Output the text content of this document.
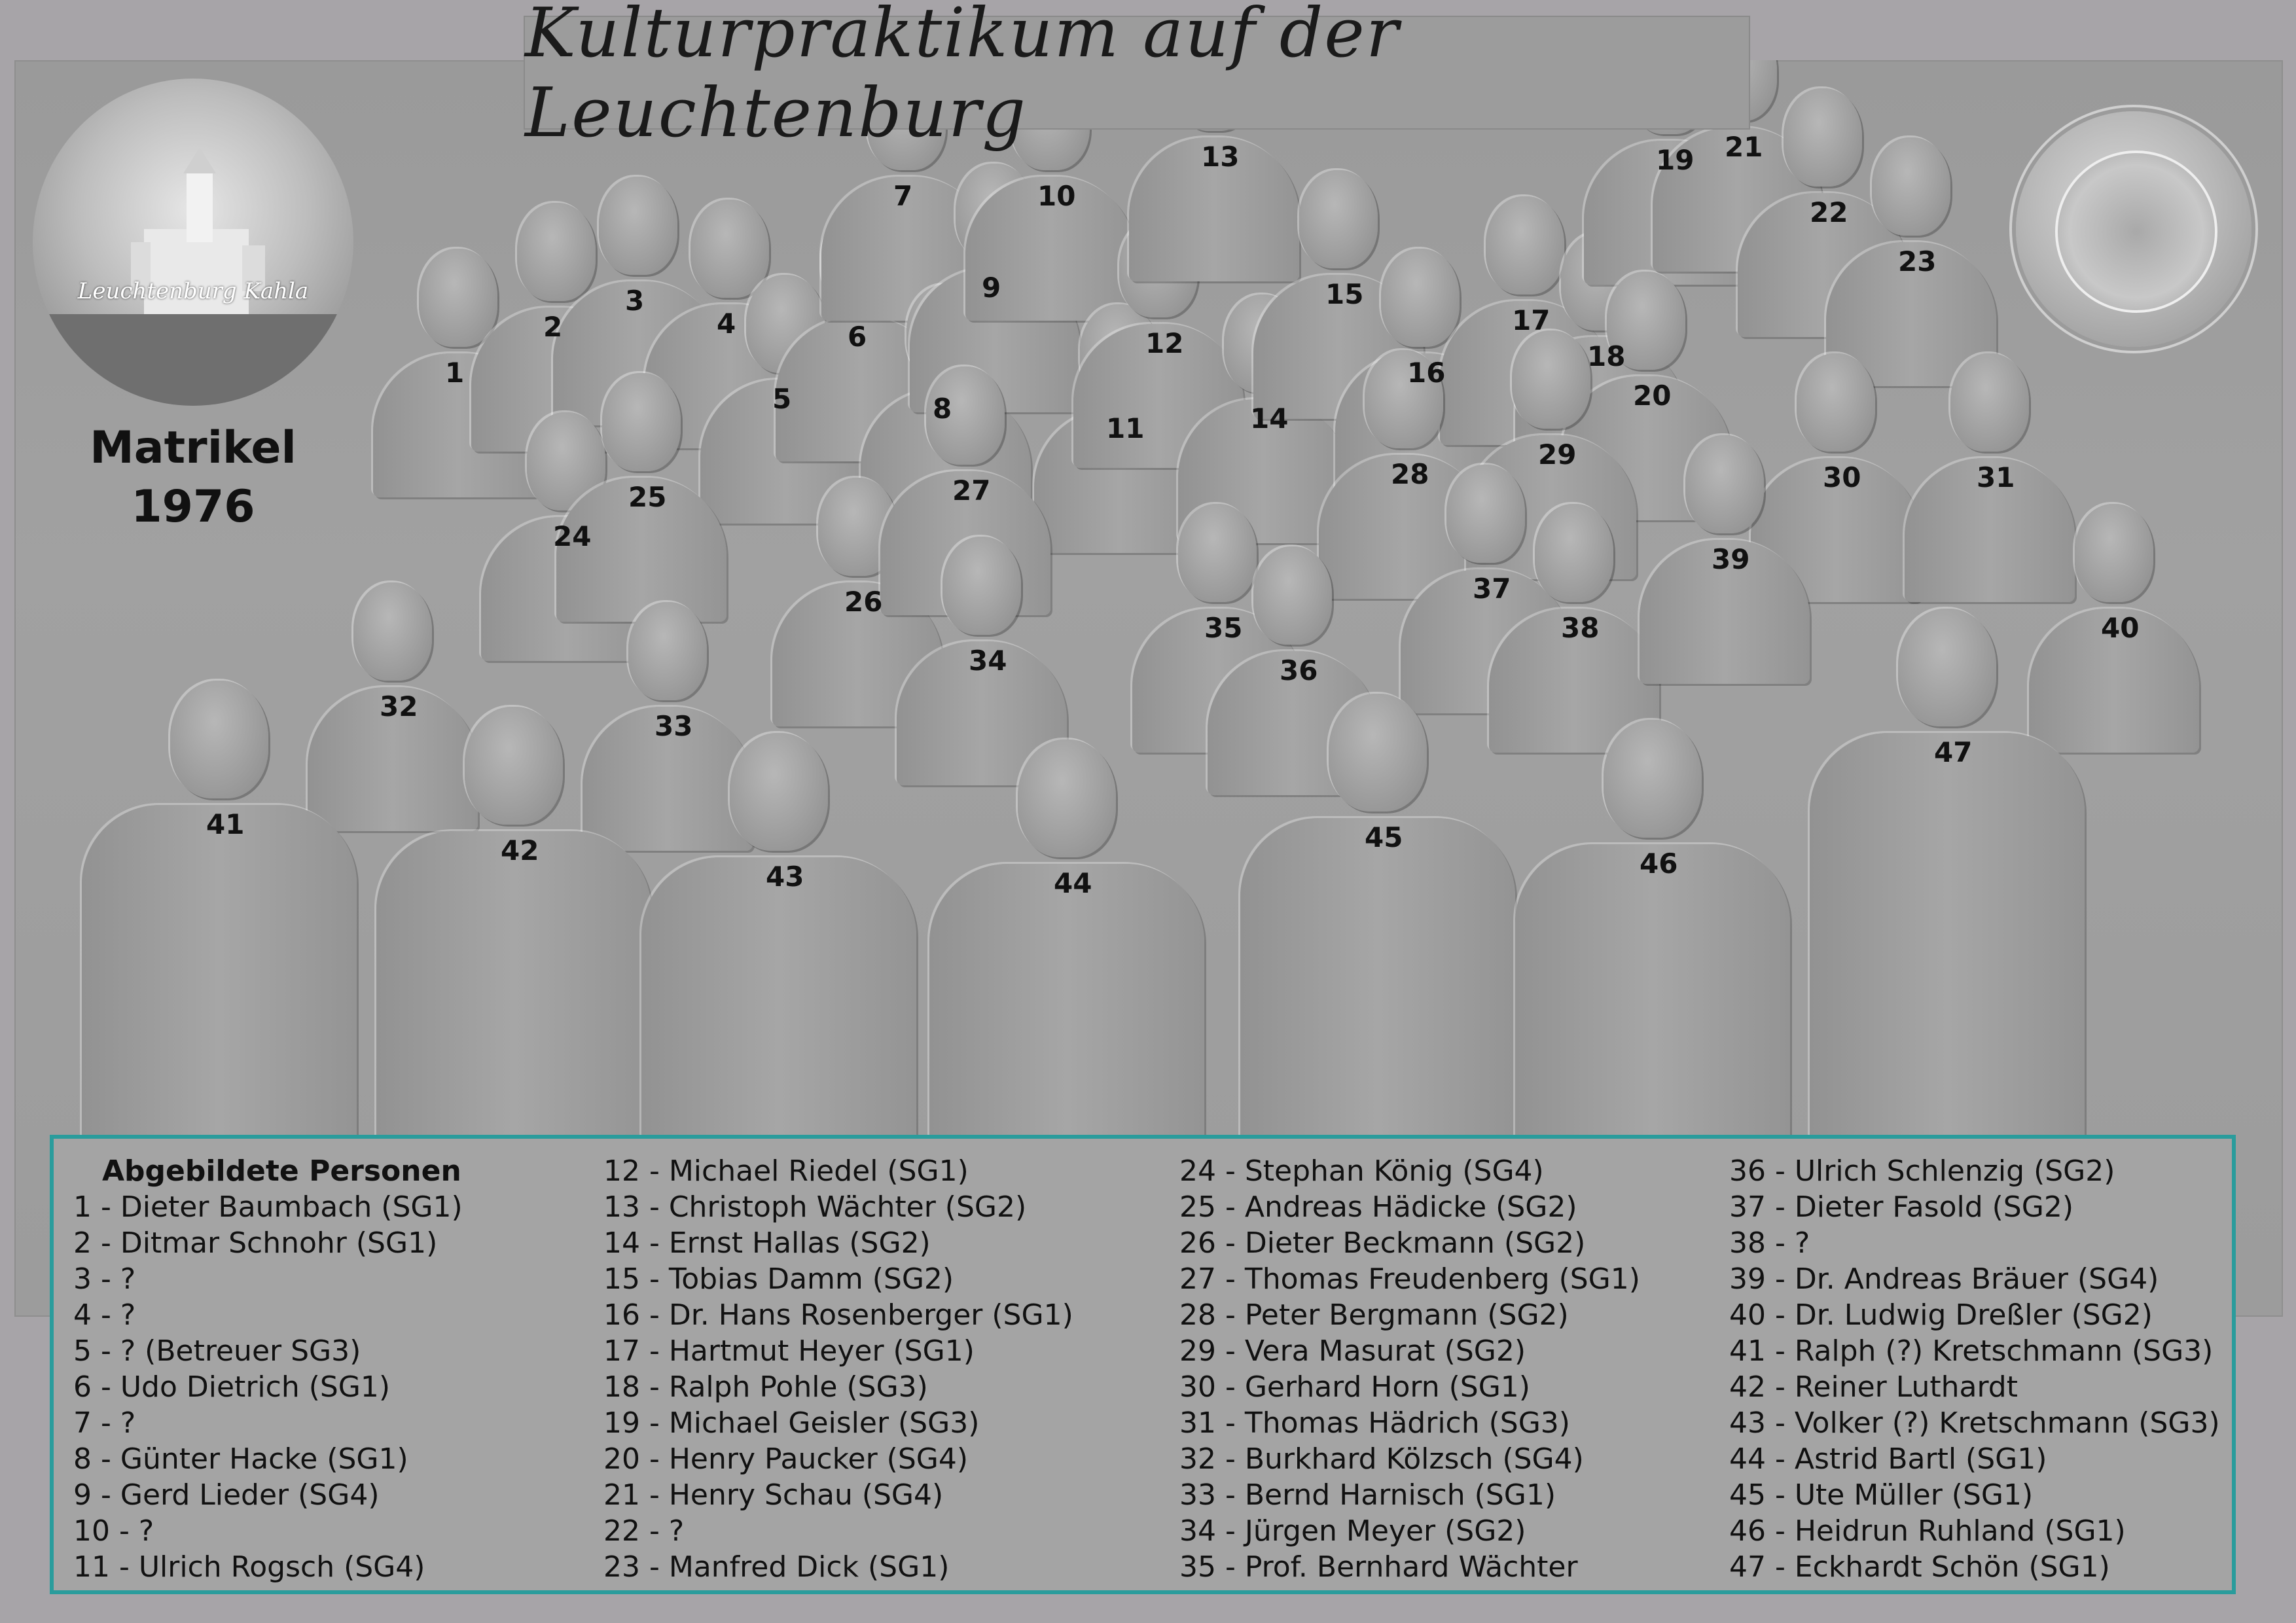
1
2
3
4
5
6
7
8
9
10
11
12
13
14
15
16
17
18
19
20
21
22
23
24
25
26
27
28
29
30	31
32
33
34
35
36
37
38
39
40
41
42
43	44
45
46
47
Kulturpraktikum auf der Leuchtenburg
Leuchtenburg Kahla
Matrikel
1976
Abgebildete Personen
1 - Dieter Baumbach (SG1)
2 - Ditmar Schnohr (SG1)
3 - ?
4 - ?
5 - ? (Betreuer SG3)
6 - Udo Dietrich (SG1)
7 - ?
8 - Günter Hacke (SG1)
9 - Gerd Lieder (SG4)
10 - ?
11 - Ulrich Rogsch (SG4)
12 - Michael Riedel (SG1)
13 - Christoph Wächter (SG2)
14 - Ernst Hallas (SG2)
15 - Tobias Damm (SG2)
16 - Dr. Hans Rosenberger (SG1)
17 - Hartmut Heyer (SG1)
18 - Ralph Pohle (SG3)
19 - Michael Geisler (SG3)
20 - Henry Paucker (SG4)
21 - Henry Schau (SG4)
22 - ?
23 - Manfred Dick (SG1)
24 - Stephan König (SG4)
25 - Andreas Hädicke (SG2)
26 - Dieter Beckmann (SG2)
27 - Thomas Freudenberg (SG1)
28 - Peter Bergmann (SG2)
29 - Vera Masurat (SG2)
30 - Gerhard Horn (SG1)
31 - Thomas Hädrich (SG3)
32 - Burkhard Kölzsch (SG4)
33 - Bernd Harnisch (SG1)
34 - Jürgen Meyer (SG2)
35 - Prof. Bernhard Wächter
36 - Ulrich Schlenzig (SG2)
37 - Dieter Fasold (SG2)
38 - ?
39 - Dr. Andreas Bräuer (SG4)
40 - Dr. Ludwig Dreßler (SG2)
41 - Ralph (?) Kretschmann (SG3)
42 - Reiner Luthardt
43 - Volker (?) Kretschmann (SG3)
44 - Astrid Bartl (SG1)
45 - Ute Müller (SG1)
46 - Heidrun Ruhland (SG1)
47 - Eckhardt Schön (SG1)
